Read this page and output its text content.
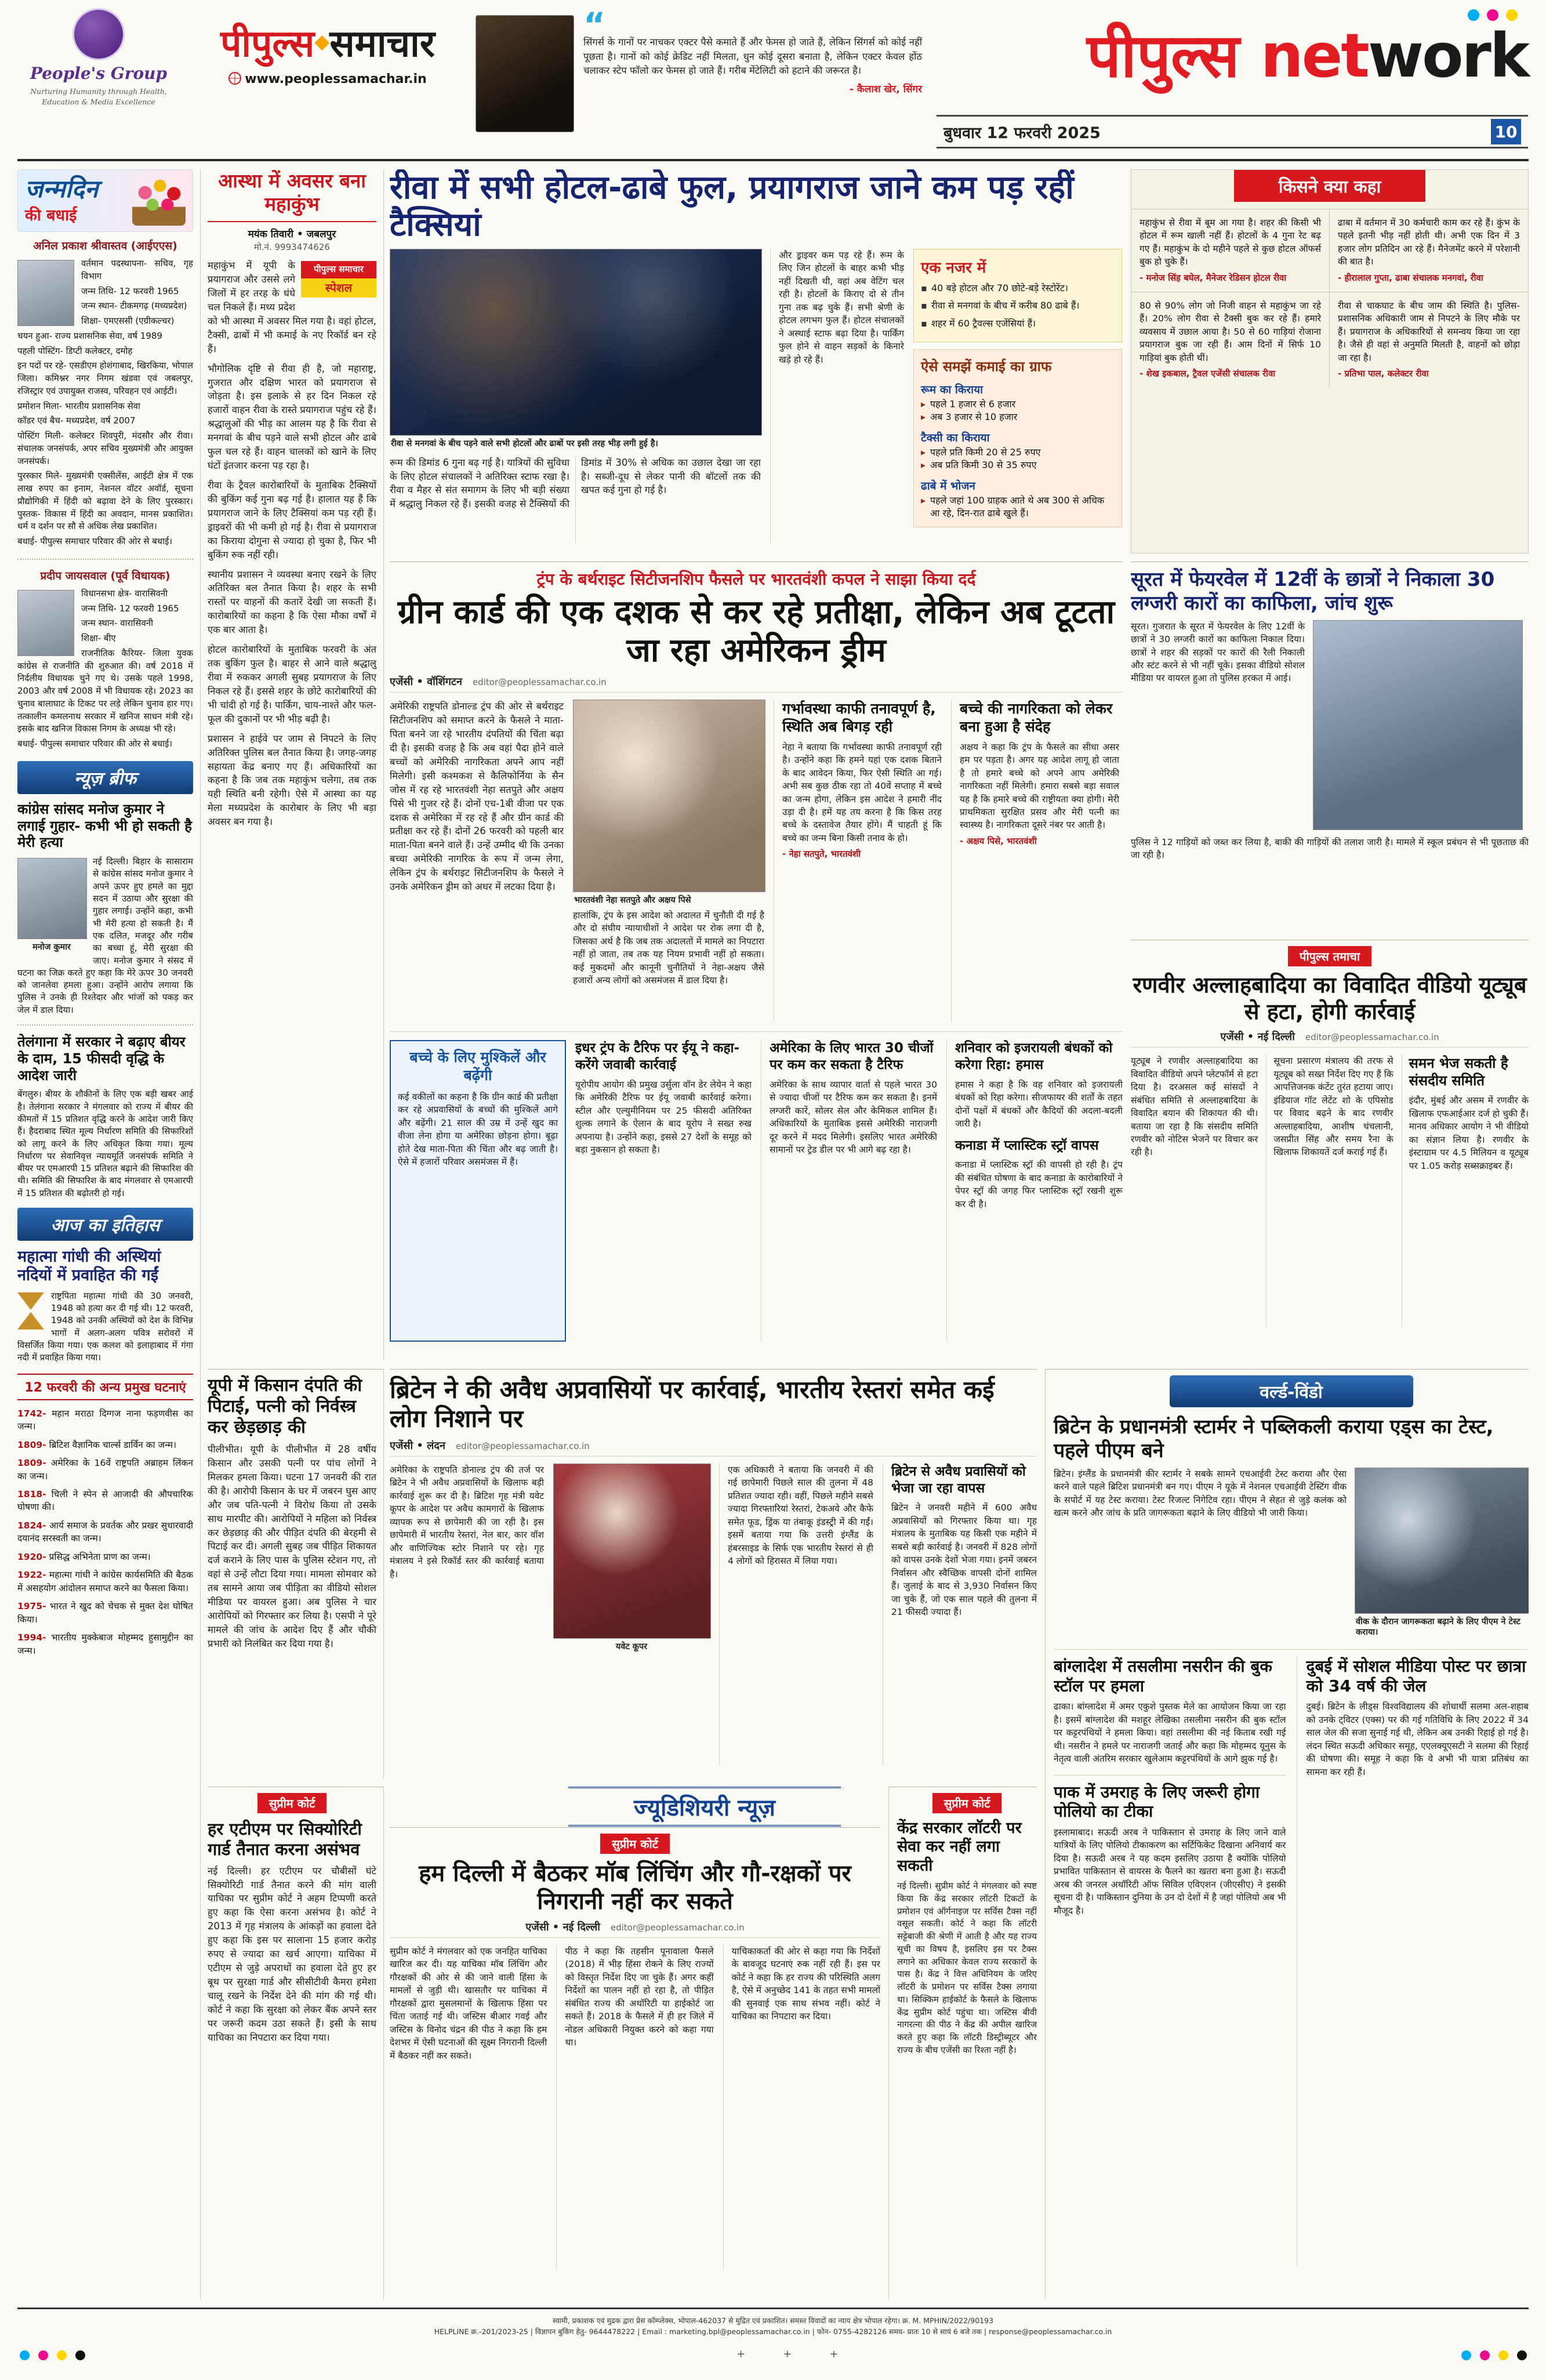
People's Group
Nurturing Humanity through Health, Education & Media Excellence
पीपुल्स◆समाचार
www.peoplessamachar.in
“
सिंगर्स के गानों पर नाचकर एक्टर पैसे कमाते हैं और फेमस हो जाते हैं, लेकिन सिंगर्स को कोई नहीं पूछता है। गानों को कोई क्रेडिट नहीं मिलता, धुन कोई दूसरा बनाता है, लेकिन एक्टर केवल होंठ चलाकर स्टेप फॉलो कर फेमस हो जाते हैं। गरीब मेंटेलिटी को हटाने की जरूरत है।
- कैलाश खेर, सिंगर
	पीपुल्स network
बुधवार 12 फरवरी 2025	10
जन्मदिन
की बधाई
अनिल प्रकाश श्रीवास्तव (आईएएस)
वर्तमान पदस्थापना- सचिव, गृह विभाग
जन्म तिथि- 12 फरवरी 1965
जन्म स्थान- टीकमगढ़ (मध्यप्रदेश)
शिक्षा- एमएससी (एग्रीकल्चर)
चयन हुआ- राज्य प्रशासनिक सेवा, वर्ष 1989
पहली पोस्टिंग- डिप्टी कलेक्टर, दमोह
इन पदों पर रहे- एसडीएम होशंगाबाद, खिरकिया, भोपाल जिला। कमिश्नर नगर निगम खंडवा एवं जबलपुर, रजिस्ट्रार एवं उपायुक्त राजस्व, परिवहन एवं आईटी।
प्रमोशन मिला- भारतीय प्रशासनिक सेवा
कॉडर एवं बैच- मध्यप्रदेश, वर्ष 2007
पोस्टिंग मिली- कलेक्टर शिवपुरी, मंदसौर और रीवा। संचालक जनसंपर्क, अपर सचिव मुख्यमंत्री और आयुक्त जनसंपर्क।
पुरस्कार मिले- मुख्यमंत्री एक्सीलेंस, आईटी क्षेत्र में एक लाख रुपए का इनाम, नेशनल वॉटर अवॉर्ड, सूचना प्रौद्योगिकी में हिंदी को बढ़ावा देने के लिए पुरस्कार। पुस्तक- विकास में हिंदी का अवदान, मानस प्रकाशित। धर्म व दर्शन पर सौ से अधिक लेख प्रकाशित।
बधाई- पीपुल्स समाचार परिवार की ओर से बधाई।
प्रदीप जायसवाल (पूर्व विधायक)
विधानसभा क्षेत्र- वारासिवनी
जन्म तिथि- 12 फरवरी 1965
जन्म स्थान- वारासिवनी
शिक्षा- बीए
राजनीतिक कैरियर- जिला युवक कांग्रेस से राजनीति की शुरुआत की। वर्ष 2018 में निर्दलीय विधायक चुने गए थे। उसके पहले 1998, 2003 और वर्ष 2008 में भी विधायक रहे। 2023 का चुनाव बालाघाट के टिकट पर लड़े लेकिन चुनाव हार गए। तत्कालीन कमलनाथ सरकार में खनिज साधन मंत्री रहे। इसके बाद खनिज विकास निगम के अध्यक्ष भी रहे।
बधाई- पीपुल्स समाचार परिवार की ओर से बधाई।
न्यूज़ ब्रीफ
कांग्रेस सांसद मनोज कुमार ने लगाई गुहार- कभी भी हो सकती है मेरी हत्या
मनोज कुमार
नई दिल्ली। बिहार के सासाराम से कांग्रेस सांसद मनोज कुमार ने अपने ऊपर हुए हमले का मुद्दा सदन में उठाया और सुरक्षा की गुहार लगाई। उन्होंने कहा, कभी भी मेरी हत्या हो सकती है। मैं एक दलित, मजदूर और गरीब का बच्चा हूं, मेरी सुरक्षा की जाए। मनोज कुमार ने संसद में घटना का जिक्र करते हुए कहा कि मेरे ऊपर 30 जनवरी को जानलेवा हमला हुआ। उन्होंने आरोप लगाया कि पुलिस ने उनके ही रिश्तेदार और भांजों को पकड़ कर जेल में डाल दिया।
तेलंगाना में सरकार ने बढ़ाए बीयर के दाम, 15 फीसदी वृद्धि के आदेश जारी
बेंगलुरु। बीयर के शौकीनों के लिए एक बड़ी खबर आई है। तेलंगाना सरकार ने मंगलवार को राज्य में बीयर की कीमतों में 15 प्रतिशत वृद्धि करने के आदेश जारी किए हैं। हैदराबाद स्थित मूल्य निर्धारण समिति की सिफारिशों को लागू करने के लिए अधिकृत किया गया। मूल्य निर्धारण पर सेवानिवृत्त न्यायमूर्ति जनसंपर्क समिति ने बीयर पर एमआरपी 15 प्रतिशत बढ़ाने की सिफारिश की थी। समिति की सिफारिश के बाद मंगलवार से एमआरपी में 15 प्रतिशत की बढ़ोतरी हो गई।
आज का इतिहास
महात्मा गांधी की अस्थियां नदियों में प्रवाहित की गईं
राष्ट्रपिता महात्मा गांधी की 30 जनवरी, 1948 को हत्या कर दी गई थी। 12 फरवरी, 1948 को उनकी अस्थियों को देश के विभिन्न भागों में अलग-अलग पवित्र सरोवरों में विसर्जित किया गया। एक कलश को इलाहाबाद में गंगा नदी में प्रवाहित किया गया।
12 फरवरी की अन्य प्रमुख घटनाएं
1742- महान मराठा दिग्गज नाना फड़णवीस का जन्म।
1809- ब्रिटिश वैज्ञानिक चार्ल्स डार्विन का जन्म।
1809- अमेरिका के 16वें राष्ट्रपति अब्राहम लिंकन का जन्म।
1818- चिली ने स्पेन से आजादी की औपचारिक घोषणा की।
1824- आर्य समाज के प्रवर्तक और प्रखर सुधारवादी दयानंद सरस्वती का जन्म।
1920- प्रसिद्ध अभिनेता प्राण का जन्म।
1922- महात्मा गांधी ने कांग्रेस कार्यसमिति की बैठक में असहयोग आंदोलन समाप्त करने का फैसला किया।
1975- भारत ने खुद को चेचक से मुक्त देश घोषित किया।
1994- भारतीय मुक्केबाज मोहम्मद हुसामुद्दीन का जन्म।
आस्था में अवसर बना महाकुंभ
मयंक तिवारी • जबलपुर
मो.नं. 9993474626
पीपुल्स समाचार
स्पेशल

महाकुंभ में यूपी के प्रयागराज और उससे लगे जिलों में हर तरह के धंधे चल निकले हैं। मध्य प्रदेश को भी आस्था में अवसर मिल गया है। वहां होटल, टैक्सी, ढाबों में भी कमाई के नए रिकॉर्ड बन रहे हैं।

भौगोलिक दृष्टि से रीवा ही है, जो महाराष्ट्र, गुजरात और दक्षिण भारत को प्रयागराज से जोड़ता है। इस इलाके से हर दिन निकल रहे हजारों वाहन रीवा के रास्ते प्रयागराज पहुंच रहे हैं। श्रद्धालुओं की भीड़ का आलम यह है कि रीवा से मनगवां के बीच पड़ने वाले सभी होटल और ढाबे फुल चल रहे हैं। वाहन चालकों को खाने के लिए घंटों इंतजार करना पड़ रहा है।

रीवा के ट्रैवल कारोबारियों के मुताबिक टैक्सियों की बुकिंग कई गुना बढ़ गई है। हालात यह हैं कि प्रयागराज जाने के लिए टैक्सियां कम पड़ रही हैं। ड्राइवरों की भी कमी हो गई है। रीवा से प्रयागराज का किराया दोगुना से ज्यादा हो चुका है, फिर भी बुकिंग रुक नहीं रही।

स्थानीय प्रशासन ने व्यवस्था बनाए रखने के लिए अतिरिक्त बल तैनात किया है। शहर के सभी रास्तों पर वाहनों की कतारें देखी जा सकती हैं। कारोबारियों का कहना है कि ऐसा मौका वर्षों में एक बार आता है।

होटल कारोबारियों के मुताबिक फरवरी के अंत तक बुकिंग फुल है। बाहर से आने वाले श्रद्धालु रीवा में रुककर अगली सुबह प्रयागराज के लिए निकल रहे हैं। इससे शहर के छोटे कारोबारियों की भी चांदी हो गई है। पार्किंग, चाय-नाश्ते और फल-फूल की दुकानों पर भी भीड़ बढ़ी है।

प्रशासन ने हाईवे पर जाम से निपटने के लिए अतिरिक्त पुलिस बल तैनात किया है। जगह-जगह सहायता केंद्र बनाए गए हैं। अधिकारियों का कहना है कि जब तक महाकुंभ चलेगा, तब तक यही स्थिति बनी रहेगी। ऐसे में आस्था का यह मेला मध्यप्रदेश के कारोबार के लिए भी बड़ा अवसर बन गया है।

रीवा में सभी होटल-ढाबे फुल, प्रयागराज जाने कम पड़ रहीं टैक्सियां
रीवा से मनगवां के बीच पड़ने वाले सभी होटलों और ढाबों पर इसी तरह भीड़ लगी हुई है।
रूम की डिमांड 6 गुना बढ़ गई है। यात्रियों की सुविधा के लिए होटल संचालकों ने अतिरिक्त स्टाफ रखा है। रीवा व मैहर से संत समागम के लिए भी बड़ी संख्या में श्रद्धालु निकल रहे हैं। इसकी वजह से टैक्सियों की डिमांड में 30% से अधिक का उछाल देखा जा रहा है। सब्जी-दूध से लेकर पानी की बॉटलों तक की खपत कई गुना हो गई है।
और ड्राइवर कम पड़ रहे हैं। रूम के लिए जिन होटलों के बाहर कभी भीड़ नहीं दिखती थी, वहां अब वेटिंग चल रही है। होटलों के किराए दो से तीन गुना तक बढ़ चुके हैं। सभी श्रेणी के होटल लगभग फुल हैं। होटल संचालकों ने अस्थाई स्टाफ बढ़ा दिया है। पार्किंग फुल होने से वाहन सड़कों के किनारे खड़े हो रहे हैं।
एक नजर में
▪ 40 बड़े होटल और 70 छोटे-बड़े रेस्टोरेंट।
▪ रीवा से मनगवां के बीच में करीब 80 ढाबे हैं।
▪ शहर में 60 ट्रैवल्स एजेंसियां हैं।
ऐसे समझें कमाई का ग्राफ
रूम का किराया
▸ पहले 1 हजार से 6 हजार
▸ अब 3 हजार से 10 हजार
टैक्सी का किराया
▸ पहले प्रति किमी 20 से 25 रुपए
▸ अब प्रति किमी 30 से 35 रुपए
ढाबे में भोजन
▸ पहले जहां 100 ग्राहक आते थे अब 300 से अधिक आ रहे, दिन-रात ढाबे खुले हैं।
किसने क्या कहा
महाकुंभ से रीवा में बूम आ गया है। शहर की किसी भी होटल में रूम खाली नहीं हैं। होटलों के 4 गुना रेट बढ़ गए हैं। महाकुंभ के दो महीने पहले से कुछ होटल ऑफर्स बुक हो चुके हैं।
- मनोज सिंह बघेल, मैनेजर रेडिसन होटल रीवा
ढाबा में वर्तमान में 30 कर्मचारी काम कर रहे हैं। कुंभ के पहले इतनी भीड़ नहीं होती थी। अभी एक दिन में 3 हजार लोग प्रतिदिन आ रहे हैं। मैनेजमेंट करने में परेशानी की बात है।
- हीरालाल गुप्ता, ढाबा संचालक मनगवां, रीवा
80 से 90% लोग जो निजी वाहन से महाकुंभ जा रहे हैं। 20% लोग रीवा से टैक्सी बुक कर रहे हैं। हमारे व्यवसाय में उछाल आया है। 50 से 60 गाड़ियां रोजाना प्रयागराज बुक जा रही हैं। आम दिनों में सिर्फ 10 गाड़ियां बुक होती थीं।
- शेख इकबाल, ट्रैवल एजेंसी संचालक रीवा
रीवा से चाकघाट के बीच जाम की स्थिति है। पुलिस-प्रशासनिक अधिकारी जाम से निपटने के लिए मौके पर हैं। प्रयागराज के अधिकारियों से समन्वय किया जा रहा है। जैसे ही वहां से अनुमति मिलती है, वाहनों को छोड़ा जा रहा है।
- प्रतिभा पाल, कलेक्टर रीवा
ट्रंप के बर्थराइट सिटीजनशिप फैसले पर भारतवंशी कपल ने साझा किया दर्द
ग्रीन कार्ड की एक दशक से कर रहे प्रतीक्षा, लेकिन अब टूटता जा रहा अमेरिकन ड्रीम
एजेंसी • वॉशिंगटन editor@peoplessamachar.co.in
अमेरिकी राष्ट्रपति डोनाल्ड ट्रंप की ओर से बर्थराइट सिटीजनशिप को समाप्त करने के फैसले ने माता-पिता बनने जा रहे भारतीय दंपतियों की चिंता बढ़ा दी है। इसकी वजह है कि अब वहां पैदा होने वाले बच्चों को अमेरिकी नागरिकता अपने आप नहीं मिलेगी। इसी कश्मकश से कैलिफोर्निया के सैन जोस में रह रहे भारतवंशी नेहा सतपुते और अक्षय पिसे भी गुजर रहे हैं। दोनों एच-1बी वीजा पर एक दशक से अमेरिका में रह रहे हैं और ग्रीन कार्ड की प्रतीक्षा कर रहे हैं। दोनों 26 फरवरी को पहली बार माता-पिता बनने वाले हैं। उन्हें उम्मीद थी कि उनका बच्चा अमेरिकी नागरिक के रूप में जन्म लेगा, लेकिन ट्रंप के बर्थराइट सिटीजनशिप के फैसले ने उनके अमेरिकन ड्रीम को अधर में लटका दिया है।
भारतवंशी नेहा सतपुते और अक्षय पिसे
हालांकि, ट्रंप के इस आदेश को अदालत में चुनौती दी गई है और दो संघीय न्यायाधीशों ने आदेश पर रोक लगा दी है, जिसका अर्थ है कि जब तक अदालतों में मामले का निपटारा नहीं हो जाता, तब तक यह नियम प्रभावी नहीं हो सकता। कई मुकदमों और कानूनी चुनौतियों ने नेहा-अक्षय जैसे हजारों अन्य लोगों को असमंजस में डाल दिया है।
गर्भावस्था काफी तनावपूर्ण है, स्थिति अब बिगड़ रही
नेहा ने बताया कि गर्भावस्था काफी तनावपूर्ण रही है। उन्होंने कहा कि हमने यहां एक दशक बिताने के बाद आवेदन किया, फिर ऐसी स्थिति आ गई। अभी सब कुछ ठीक रहा तो 40वें सप्ताह में बच्चे का जन्म होगा, लेकिन इस आदेश ने हमारी नींद उड़ा दी है। हमें यह तय करना है कि किस तरह बच्चे के दस्तावेज तैयार होंगे। मैं चाहती हूं कि बच्चे का जन्म बिना किसी तनाव के हो।
- नेहा सतपुते, भारतवंशी
बच्चे की नागरिकता को लेकर बना हुआ है संदेह
अक्षय ने कहा कि ट्रंप के फैसले का सीधा असर हम पर पड़ता है। अगर यह आदेश लागू हो जाता है तो हमारे बच्चे को अपने आप अमेरिकी नागरिकता नहीं मिलेगी। हमारा सबसे बड़ा सवाल यह है कि हमारे बच्चे की राष्ट्रीयता क्या होगी। मेरी प्राथमिकता सुरक्षित प्रसव और मेरी पत्नी का स्वास्थ्य है। नागरिकता दूसरे नंबर पर आती है।
- अक्षय पिसे, भारतवंशी
बच्चे के लिए मुश्किलें और बढ़ेंगी
कई वकीलों का कहना है कि ग्रीन कार्ड की प्रतीक्षा कर रहे अप्रवासियों के बच्चों की मुश्किलें आगे और बढ़ेंगी। 21 साल की उम्र में उन्हें खुद का वीजा लेना होगा या अमेरिका छोड़ना होगा। बूढ़ा होते देख माता-पिता की चिंता और बढ़ जाती है। ऐसे में हजारों परिवार असमंजस में हैं।
इधर ट्रंप के टैरिफ पर ईयू ने कहा- करेंगे जवाबी कार्रवाई
यूरोपीय आयोग की प्रमुख उर्सुला वॉन डेर लेयेन ने कहा कि अमेरिकी टैरिफ पर ईयू जवाबी कार्रवाई करेगा। स्टील और एल्युमीनियम पर 25 फीसदी अतिरिक्त शुल्क लगाने के ऐलान के बाद यूरोप ने सख्त रुख अपनाया है। उन्होंने कहा, इससे 27 देशों के समूह को बड़ा नुकसान हो सकता है।
अमेरिका के लिए भारत 30 चीजों पर कम कर सकता है टैरिफ
अमेरिका के साथ व्यापार वार्ता से पहले भारत 30 से ज्यादा चीजों पर टैरिफ कम कर सकता है। इनमें लग्जरी कारें, सोलर सेल और केमिकल शामिल हैं। अधिकारियों के मुताबिक इससे अमेरिकी नाराजगी दूर करने में मदद मिलेगी। इसलिए भारत अमेरिकी सामानों पर ट्रेड डील पर भी आगे बढ़ रहा है।
शनिवार को इजरायली बंधकों को करेगा रिहा: हमास
हमास ने कहा है कि वह शनिवार को इजरायली बंधकों को रिहा करेगा। सीजफायर की शर्तों के तहत दोनों पक्षों में बंधकों और कैदियों की अदला-बदली जारी है।
कनाडा में प्लास्टिक स्ट्रॉ वापस
कनाडा में प्लास्टिक स्ट्रॉ की वापसी हो रही है। ट्रंप की संबंधित घोषणा के बाद कनाडा के कारोबारियों ने पेपर स्ट्रॉ की जगह फिर प्लास्टिक स्ट्रॉ रखनी शुरू कर दी है।
सूरत में फेयरवेल में 12वीं के छात्रों ने निकाला 30 लग्जरी कारों का काफिला, जांच शुरू
सूरत। गुजरात के सूरत में फेयरवेल के लिए 12वीं के छात्रों ने 30 लग्जरी कारों का काफिला निकाल दिया। छात्रों ने शहर की सड़कों पर कारों की रैली निकाली और स्टंट करने से भी नहीं चूके। इसका वीडियो सोशल मीडिया पर वायरल हुआ तो पुलिस हरकत में आई।
पुलिस ने 12 गाड़ियों को जब्त कर लिया है, बाकी की गाड़ियों की तलाश जारी है। मामले में स्कूल प्रबंधन से भी पूछताछ की जा रही है।
पीपुल्स तमाचा
रणवीर अल्लाहबादिया का विवादित वीडियो यूट्यूब से हटा, होगी कार्रवाई
एजेंसी • नई दिल्ली editor@peoplessamachar.co.in
यूट्यूब ने रणवीर अल्लाहबादिया का विवादित वीडियो अपने प्लेटफॉर्म से हटा दिया है। दरअसल कई सांसदों ने संबंधित समिति से अल्लाहबादिया के विवादित बयान की शिकायत की थी। बताया जा रहा है कि संसदीय समिति रणवीर को नोटिस भेजने पर विचार कर रही है।
सूचना प्रसारण मंत्रालय की तरफ से यूट्यूब को सख्त निर्देश दिए गए हैं कि आपत्तिजनक कंटेंट तुरंत हटाया जाए। इंडियाज गॉट लेटेंट शो के एपिसोड पर विवाद बढ़ने के बाद रणवीर अल्लाहबादिया, आशीष चंचलानी, जसप्रीत सिंह और समय रैना के खिलाफ शिकायतें दर्ज कराई गई हैं।
समन भेज सकती है संसदीय समिति
इंदौर, मुंबई और असम में रणवीर के खिलाफ एफआईआर दर्ज हो चुकी हैं। मानव अधिकार आयोग ने भी वीडियो का संज्ञान लिया है। रणवीर के इंस्टाग्राम पर 4.5 मिलियन व यूट्यूब पर 1.05 करोड़ सब्सक्राइबर हैं।
यूपी में किसान दंपति की पिटाई, पत्नी को निर्वस्त्र कर छेड़छाड़ की
पीलीभीत। यूपी के पीलीभीत में 28 वर्षीय किसान और उसकी पत्नी पर पांच लोगों ने मिलकर हमला किया। घटना 17 जनवरी की रात की है। आरोपी किसान के घर में जबरन घुस आए और जब पति-पत्नी ने विरोध किया तो उसके साथ मारपीट की। आरोपियों ने महिला को निर्वस्त्र कर छेड़छाड़ की और पीड़ित दंपति की बेरहमी से पिटाई कर दी। अगली सुबह जब पीड़ित शिकायत दर्ज कराने के लिए पास के पुलिस स्टेशन गए, तो वहां से उन्हें लौटा दिया गया। मामला सोमवार को तब सामने आया जब पीड़िता का वीडियो सोशल मीडिया पर वायरल हुआ। अब पुलिस ने चार आरोपियों को गिरफ्तार कर लिया है। एसपी ने पूरे मामले की जांच के आदेश दिए हैं और चौकी प्रभारी को निलंबित कर दिया गया है।
ब्रिटेन ने की अवैध अप्रवासियों पर कार्रवाई, भारतीय रेस्तरां समेत कई लोग निशाने पर
एजेंसी • लंदन editor@peoplessamachar.co.in
अमेरिका के राष्ट्रपति डोनाल्ड ट्रंप की तर्ज पर ब्रिटेन ने भी अवैध अप्रवासियों के खिलाफ बड़ी कार्रवाई शुरू कर दी है। ब्रिटिश गृह मंत्री यवेट कूपर के आदेश पर अवैध कामगारों के खिलाफ व्यापक रूप से छापेमारी की जा रही है। इस छापेमारी में भारतीय रेस्तरां, नेल बार, कार वॉश और वाणिज्यिक स्टोर निशाने पर रहे। गृह मंत्रालय ने इसे रिकॉर्ड स्तर की कार्रवाई बताया है।
यवेट कूपर
एक अधिकारी ने बताया कि जनवरी में की गई छापेमारी पिछले साल की तुलना में 48 प्रतिशत ज्यादा रही। वहीं, पिछले महीने सबसे ज्यादा गिरफ्तारियां रेस्तरां, टेकअवे और कैफे समेत फूड, ड्रिंक या तंबाकू इंडस्ट्री में की गईं। इसमें बताया गया कि उत्तरी इंग्लैंड के हंबरसाइड के सिर्फ एक भारतीय रेस्तरां से ही 4 लोगों को हिरासत में लिया गया।
ब्रिटेन से अवैध प्रवासियों को भेजा जा रहा वापस
ब्रिटेन ने जनवरी महीने में 600 अवैध अप्रवासियों को गिरफ्तार किया था। गृह मंत्रालय के मुताबिक यह किसी एक महीने में सबसे बड़ी कार्रवाई है। जनवरी में 828 लोगों को वापस उनके देशों भेजा गया। इनमें जबरन निर्वासन और स्वैच्छिक वापसी दोनों शामिल हैं। जुलाई के बाद से 3,930 निर्वासन किए जा चुके हैं, जो एक साल पहले की तुलना में 21 फीसदी ज्यादा हैं।
वर्ल्ड-विंडो
ब्रिटेन के प्रधानमंत्री स्टार्मर ने पब्लिकली कराया एड्स का टेस्ट, पहले पीएम बने
ब्रिटेन। इंग्लैंड के प्रधानमंत्री कीर स्टार्मर ने सबके सामने एचआईवी टेस्ट कराया और ऐसा करने वाले पहले ब्रिटिश प्रधानमंत्री बन गए। पीएम ने यूके में नेशनल एचआईवी टेस्टिंग वीक के सपोर्ट में यह टेस्ट कराया। टेस्ट रिजल्ट निगेटिव रहा। पीएम ने सेहत से जुड़े कलंक को खत्म करने और जांच के प्रति जागरूकता बढ़ाने के लिए वीडियो भी जारी किया।
वीक के दौरान जागरूकता बढ़ाने के लिए पीएम ने टेस्ट कराया।
बांग्लादेश में तसलीमा नसरीन की बुक स्टॉल पर हमला
ढाका। बांग्लादेश में अमर एकुशे पुस्तक मेले का आयोजन किया जा रहा है। इसमें बांग्लादेश की मशहूर लेखिका तसलीमा नसरीन की बुक स्टॉल पर कट्टरपंथियों ने हमला किया। वहां तसलीमा की नई किताब रखी गई थी। नसरीन ने हमले पर नाराजगी जताई और कहा कि मोहम्मद यूनुस के नेतृत्व वाली अंतरिम सरकार खुलेआम कट्टरपंथियों के आगे झुक गई है।
पाक में उमराह के लिए जरूरी होगा पोलियो का टीका
इस्लामाबाद। सऊदी अरब ने पाकिस्तान से उमराह के लिए जाने वाले यात्रियों के लिए पोलियो टीकाकरण का सर्टिफिकेट दिखाना अनिवार्य कर दिया है। सऊदी अरब ने यह कदम इसलिए उठाया है क्योंकि पोलियो प्रभावित पाकिस्तान से वायरस के फैलने का खतरा बना हुआ है। सऊदी अरब की जनरल अथॉरिटी ऑफ सिविल एविएशन (जीएसीए) ने इसकी सूचना दी है। पाकिस्तान दुनिया के उन दो देशों में है जहां पोलियो अब भी मौजूद है।
दुबई में सोशल मीडिया पोस्ट पर छात्रा को 34 वर्ष की जेल
दुबई। ब्रिटेन के लीड्स विश्वविद्यालय की शोधार्थी सलमा अल-शहाब को उनके ट्विटर (एक्स) पर की गई गतिविधि के लिए 2022 में 34 साल जेल की सजा सुनाई गई थी, लेकिन अब उनकी रिहाई हो गई है। लंदन स्थित सऊदी अधिकार समूह, एएलक्यूएसटी ने सलमा की रिहाई की घोषणा की। समूह ने कहा कि वे अभी भी यात्रा प्रतिबंध का सामना कर रही हैं।
ज्यूडिशियरी न्यूज़
सुप्रीम कोर्ट
हर एटीएम पर सिक्योरिटी गार्ड तैनात करना असंभव
नई दिल्ली। हर एटीएम पर चौबीसों घंटे सिक्योरिटी गार्ड तैनात करने की मांग वाली याचिका पर सुप्रीम कोर्ट ने अहम टिप्पणी करते हुए कहा कि ऐसा करना असंभव है। कोर्ट ने 2013 में गृह मंत्रालय के आंकड़ों का हवाला देते हुए कहा कि इस पर सालाना 15 हजार करोड़ रुपए से ज्यादा का खर्च आएगा। याचिका में एटीएम से जुड़े अपराधों का हवाला देते हुए हर बूथ पर सुरक्षा गार्ड और सीसीटीवी कैमरा हमेशा चालू रखने के निर्देश देने की मांग की गई थी। कोर्ट ने कहा कि सुरक्षा को लेकर बैंक अपने स्तर पर जरूरी कदम उठा सकते हैं। इसी के साथ याचिका का निपटारा कर दिया गया।
सुप्रीम कोर्ट
हम दिल्ली में बैठकर मॉब लिंचिंग और गौ-रक्षकों पर निगरानी नहीं कर सकते
एजेंसी • नई दिल्ली editor@peoplessamachar.co.in
सुप्रीम कोर्ट ने मंगलवार को एक जनहित याचिका खारिज कर दी। यह याचिका मॉब लिंचिंग और गौरक्षकों की ओर से की जाने वाली हिंसा के मामलों से जुड़ी थी। खासतौर पर याचिका में गौरक्षकों द्वारा मुसलमानों के खिलाफ हिंसा पर चिंता जताई गई थी। जस्टिस बीआर गवई और जस्टिस के विनोद चंद्रन की पीठ ने कहा कि हम देशभर में ऐसी घटनाओं की सूक्ष्म निगरानी दिल्ली में बैठकर नहीं कर सकते।
पीठ ने कहा कि तहसीन पूनावाला फैसले (2018) में भीड़ हिंसा रोकने के लिए राज्यों को विस्तृत निर्देश दिए जा चुके हैं। अगर कहीं निर्देशों का पालन नहीं हो रहा है, तो पीड़ित संबंधित राज्य की अथॉरिटी या हाईकोर्ट जा सकते हैं। 2018 के फैसले में ही हर जिले में नोडल अधिकारी नियुक्त करने को कहा गया था।
याचिकाकर्ता की ओर से कहा गया कि निर्देशों के बावजूद घटनाएं रुक नहीं रही हैं। इस पर कोर्ट ने कहा कि हर राज्य की परिस्थिति अलग है, ऐसे में अनुच्छेद 141 के तहत सभी मामलों की सुनवाई एक साथ संभव नहीं। कोर्ट ने याचिका का निपटारा कर दिया।
सुप्रीम कोर्ट
केंद्र सरकार लॉटरी पर सेवा कर नहीं लगा सकती
नई दिल्ली। सुप्रीम कोर्ट ने मंगलवार को स्पष्ट किया कि केंद्र सरकार लॉटरी टिकटों के प्रमोशन एवं ऑर्गनाइज पर सर्विस टैक्स नहीं वसूल सकती। कोर्ट ने कहा कि लॉटरी सट्टेबाजी की श्रेणी में आती है और यह राज्य सूची का विषय है, इसलिए इस पर टैक्स लगाने का अधिकार केवल राज्य सरकारों के पास है। केंद्र ने वित्त अधिनियम के जरिए लॉटरी के प्रमोशन पर सर्विस टैक्स लगाया था। सिक्किम हाईकोर्ट के फैसले के खिलाफ केंद्र सुप्रीम कोर्ट पहुंचा था। जस्टिस बीवी नागरत्ना की पीठ ने केंद्र की अपील खारिज करते हुए कहा कि लॉटरी डिस्ट्रीब्यूटर और राज्य के बीच एजेंसी का रिश्ता नहीं है।
स्वामी, प्रकाशक एवं मुद्रक द्वारा प्रेस कॉम्प्लेक्स, भोपाल-462037 से मुद्रित एवं प्रकाशित। समस्त विवादों का न्याय क्षेत्र भोपाल रहेगा। क्र. M. MPHIN/2022/90193
HELPLINE क्र.-201/2023-25 | विज्ञापन बुकिंग हेतु- 9644478222 | Email : marketing.bpl@peoplessamachar.co.in | फोन- 0755-4282126 समय- प्रातः 10 से सायं 6 बजे तक | response@peoplessamachar.co.in

+	+	+
